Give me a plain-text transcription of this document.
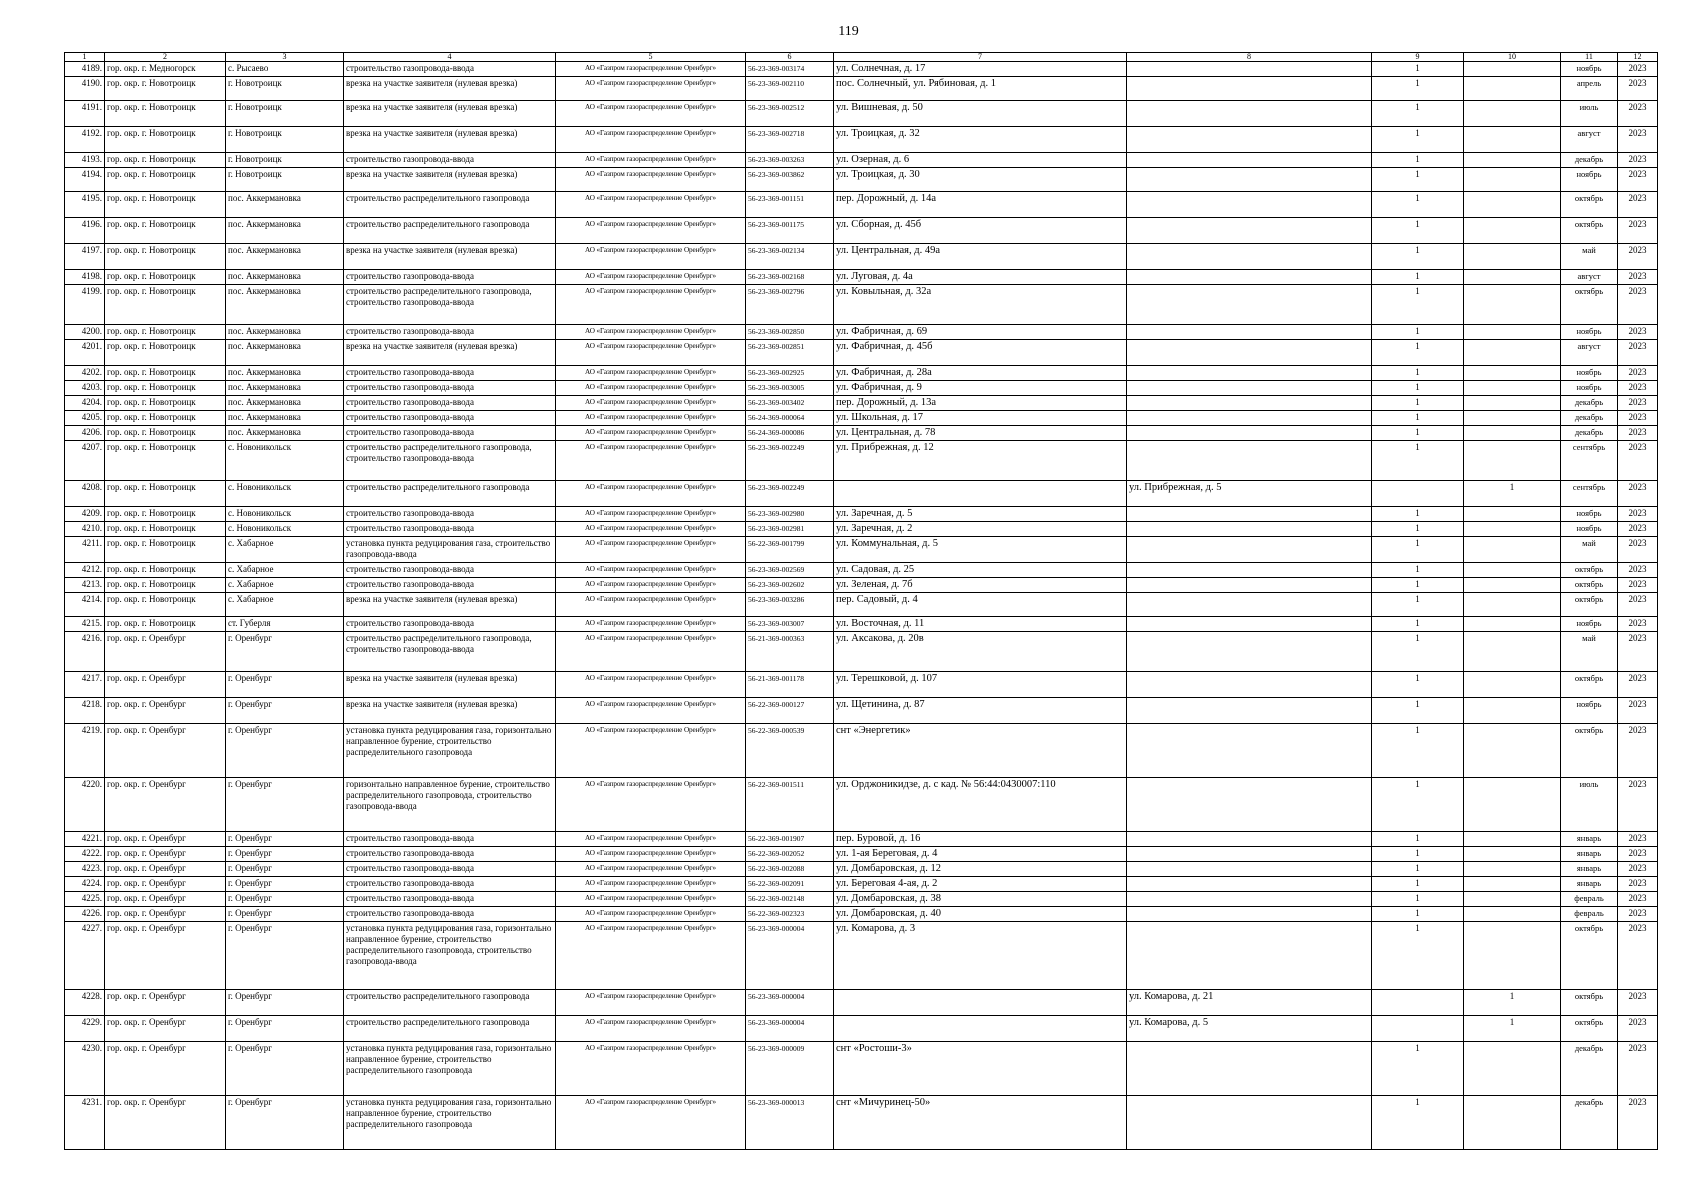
119
1	2	3	4	5	6	7	8	9	10	11	12
4189.	гор. окр. г. Медногорск	с. Рысаево	строительство газопровода-ввода	АО «Газпром газораспределение Оренбург»	56-23-369-003174	ул. Солнечная, д. 17		1		ноябрь	2023
4190.	гор. окр. г. Новотроицк	г. Новотроицк	врезка на участке заявителя (нулевая врезка)	АО «Газпром газораспределение Оренбург»	56-23-369-002110	пос. Солнечный, ул. Рябиновая, д. 1		1		апрель	2023
4191.	гор. окр. г. Новотроицк	г. Новотроицк	врезка на участке заявителя (нулевая врезка)	АО «Газпром газораспределение Оренбург»	56-23-369-002512	ул. Вишневая, д. 50		1		июль	2023
4192.	гор. окр. г. Новотроицк	г. Новотроицк	врезка на участке заявителя (нулевая врезка)	АО «Газпром газораспределение Оренбург»	56-23-369-002718	ул. Троицкая, д. 32		1		август	2023
4193.	гор. окр. г. Новотроицк	г. Новотроицк	строительство газопровода-ввода	АО «Газпром газораспределение Оренбург»	56-23-369-003263	ул. Озерная, д. 6		1		декабрь	2023
4194.	гор. окр. г. Новотроицк	г. Новотроицк	врезка на участке заявителя (нулевая врезка)	АО «Газпром газораспределение Оренбург»	56-23-369-003862	ул. Троицкая, д. 30		1		ноябрь	2023
4195.	гор. окр. г. Новотроицк	пос. Аккермановка	строительство распределительного газопровода	АО «Газпром газораспределение Оренбург»	56-23-369-001151	пер. Дорожный, д. 14а		1		октябрь	2023
4196.	гор. окр. г. Новотроицк	пос. Аккермановка	строительство распределительного газопровода	АО «Газпром газораспределение Оренбург»	56-23-369-001175	ул. Сборная, д. 45б		1		октябрь	2023
4197.	гор. окр. г. Новотроицк	пос. Аккермановка	врезка на участке заявителя (нулевая врезка)	АО «Газпром газораспределение Оренбург»	56-23-369-002134	ул. Центральная, д. 49а		1		май	2023
4198.	гор. окр. г. Новотроицк	пос. Аккермановка	строительство газопровода-ввода	АО «Газпром газораспределение Оренбург»	56-23-369-002168	ул. Луговая, д. 4а		1		август	2023
4199.	гор. окр. г. Новотроицк	пос. Аккермановка	строительство распределительного газопровода, строительство газопровода-ввода	АО «Газпром газораспределение Оренбург»	56-23-369-002796	ул. Ковыльная, д. 32а		1		октябрь	2023
4200.	гор. окр. г. Новотроицк	пос. Аккермановка	строительство газопровода-ввода	АО «Газпром газораспределение Оренбург»	56-23-369-002850	ул. Фабричная, д. 69		1		ноябрь	2023
4201.	гор. окр. г. Новотроицк	пос. Аккермановка	врезка на участке заявителя (нулевая врезка)	АО «Газпром газораспределение Оренбург»	56-23-369-002851	ул. Фабричная, д. 45б		1		август	2023
4202.	гор. окр. г. Новотроицк	пос. Аккермановка	строительство газопровода-ввода	АО «Газпром газораспределение Оренбург»	56-23-369-002925	ул. Фабричная, д. 28а		1		ноябрь	2023
4203.	гор. окр. г. Новотроицк	пос. Аккермановка	строительство газопровода-ввода	АО «Газпром газораспределение Оренбург»	56-23-369-003005	ул. Фабричная, д. 9		1		ноябрь	2023
4204.	гор. окр. г. Новотроицк	пос. Аккермановка	строительство газопровода-ввода	АО «Газпром газораспределение Оренбург»	56-23-369-003402	пер. Дорожный, д. 13а		1		декабрь	2023
4205.	гор. окр. г. Новотроицк	пос. Аккермановка	строительство газопровода-ввода	АО «Газпром газораспределение Оренбург»	56-24-369-000064	ул. Школьная, д. 17		1		декабрь	2023
4206.	гор. окр. г. Новотроицк	пос. Аккермановка	строительство газопровода-ввода	АО «Газпром газораспределение Оренбург»	56-24-369-000086	ул. Центральная, д. 78		1		декабрь	2023
4207.	гор. окр. г. Новотроицк	с. Новоникольск	строительство распределительного газопровода, строительство газопровода-ввода	АО «Газпром газораспределение Оренбург»	56-23-369-002249	ул. Прибрежная, д. 12		1		сентябрь	2023
4208.	гор. окр. г. Новотроицк	с. Новоникольск	строительство распределительного газопровода	АО «Газпром газораспределение Оренбург»	56-23-369-002249		ул. Прибрежная, д. 5		1	сентябрь	2023
4209.	гор. окр. г. Новотроицк	с. Новоникольск	строительство газопровода-ввода	АО «Газпром газораспределение Оренбург»	56-23-369-002980	ул. Заречная, д. 5		1		ноябрь	2023
4210.	гор. окр. г. Новотроицк	с. Новоникольск	строительство газопровода-ввода	АО «Газпром газораспределение Оренбург»	56-23-369-002981	ул. Заречная, д. 2		1		ноябрь	2023
4211.	гор. окр. г. Новотроицк	с. Хабарное	установка пункта редуцирования газа, строительство газопровода-ввода	АО «Газпром газораспределение Оренбург»	56-22-369-001799	ул. Коммунальная, д. 5		1		май	2023
4212.	гор. окр. г. Новотроицк	с. Хабарное	строительство газопровода-ввода	АО «Газпром газораспределение Оренбург»	56-23-369-002569	ул. Садовая, д. 25		1		октябрь	2023
4213.	гор. окр. г. Новотроицк	с. Хабарное	строительство газопровода-ввода	АО «Газпром газораспределение Оренбург»	56-23-369-002602	ул. Зеленая, д. 7б		1		октябрь	2023
4214.	гор. окр. г. Новотроицк	с. Хабарное	врезка на участке заявителя (нулевая врезка)	АО «Газпром газораспределение Оренбург»	56-23-369-003286	пер. Садовый, д. 4		1		октябрь	2023
4215.	гор. окр. г. Новотроицк	ст. Губерля	строительство газопровода-ввода	АО «Газпром газораспределение Оренбург»	56-23-369-003007	ул. Восточная, д. 11		1		ноябрь	2023
4216.	гор. окр. г. Оренбург	г. Оренбург	строительство распределительного газопровода, строительство газопровода-ввода	АО «Газпром газораспределение Оренбург»	56-21-369-000363	ул. Аксакова, д. 20в		1		май	2023
4217.	гор. окр. г. Оренбург	г. Оренбург	врезка на участке заявителя (нулевая врезка)	АО «Газпром газораспределение Оренбург»	56-21-369-001178	ул. Терешковой, д. 107		1		октябрь	2023
4218.	гор. окр. г. Оренбург	г. Оренбург	врезка на участке заявителя (нулевая врезка)	АО «Газпром газораспределение Оренбург»	56-22-369-000127	ул. Щетинина, д. 87		1		ноябрь	2023
4219.	гор. окр. г. Оренбург	г. Оренбург	установка пункта редуцирования газа, горизонтально направленное бурение, строительство распределительного газопровода	АО «Газпром газораспределение Оренбург»	56-22-369-000539	снт «Энергетик»		1		октябрь	2023
4220.	гор. окр. г. Оренбург	г. Оренбург	горизонтально направленное бурение, строительство распределительного газопровода, строительство газопровода-ввода	АО «Газпром газораспределение Оренбург»	56-22-369-001511	ул. Орджоникидзе, д. с кад. № 56:44:0430007:110		1		июль	2023
4221.	гор. окр. г. Оренбург	г. Оренбург	строительство газопровода-ввода	АО «Газпром газораспределение Оренбург»	56-22-369-001907	пер. Буровой, д. 16		1		январь	2023
4222.	гор. окр. г. Оренбург	г. Оренбург	строительство газопровода-ввода	АО «Газпром газораспределение Оренбург»	56-22-369-002052	ул. 1-ая Береговая, д. 4		1		январь	2023
4223.	гор. окр. г. Оренбург	г. Оренбург	строительство газопровода-ввода	АО «Газпром газораспределение Оренбург»	56-22-369-002088	ул. Домбаровская, д. 12		1		январь	2023
4224.	гор. окр. г. Оренбург	г. Оренбург	строительство газопровода-ввода	АО «Газпром газораспределение Оренбург»	56-22-369-002091	ул. Береговая 4-ая, д. 2		1		январь	2023
4225.	гор. окр. г. Оренбург	г. Оренбург	строительство газопровода-ввода	АО «Газпром газораспределение Оренбург»	56-22-369-002148	ул. Домбаровская, д. 38		1		февраль	2023
4226.	гор. окр. г. Оренбург	г. Оренбург	строительство газопровода-ввода	АО «Газпром газораспределение Оренбург»	56-22-369-002323	ул. Домбаровская, д. 40		1		февраль	2023
4227.	гор. окр. г. Оренбург	г. Оренбург	установка пункта редуцирования газа, горизонтально направленное бурение, строительство распределительного газопровода, строительство газопровода-ввода	АО «Газпром газораспределение Оренбург»	56-23-369-000004	ул. Комарова, д. 3		1		октябрь	2023
4228.	гор. окр. г. Оренбург	г. Оренбург	строительство распределительного газопровода	АО «Газпром газораспределение Оренбург»	56-23-369-000004		ул. Комарова, д. 21		1	октябрь	2023
4229.	гор. окр. г. Оренбург	г. Оренбург	строительство распределительного газопровода	АО «Газпром газораспределение Оренбург»	56-23-369-000004		ул. Комарова, д. 5		1	октябрь	2023
4230.	гор. окр. г. Оренбург	г. Оренбург	установка пункта редуцирования газа, горизонтально направленное бурение, строительство распределительного газопровода	АО «Газпром газораспределение Оренбург»	56-23-369-000009	снт «Ростоши-3»		1		декабрь	2023
4231.	гор. окр. г. Оренбург	г. Оренбург	установка пункта редуцирования газа, горизонтально направленное бурение, строительство распределительного газопровода	АО «Газпром газораспределение Оренбург»	56-23-369-000013	снт «Мичуринец-50»		1		декабрь	2023
